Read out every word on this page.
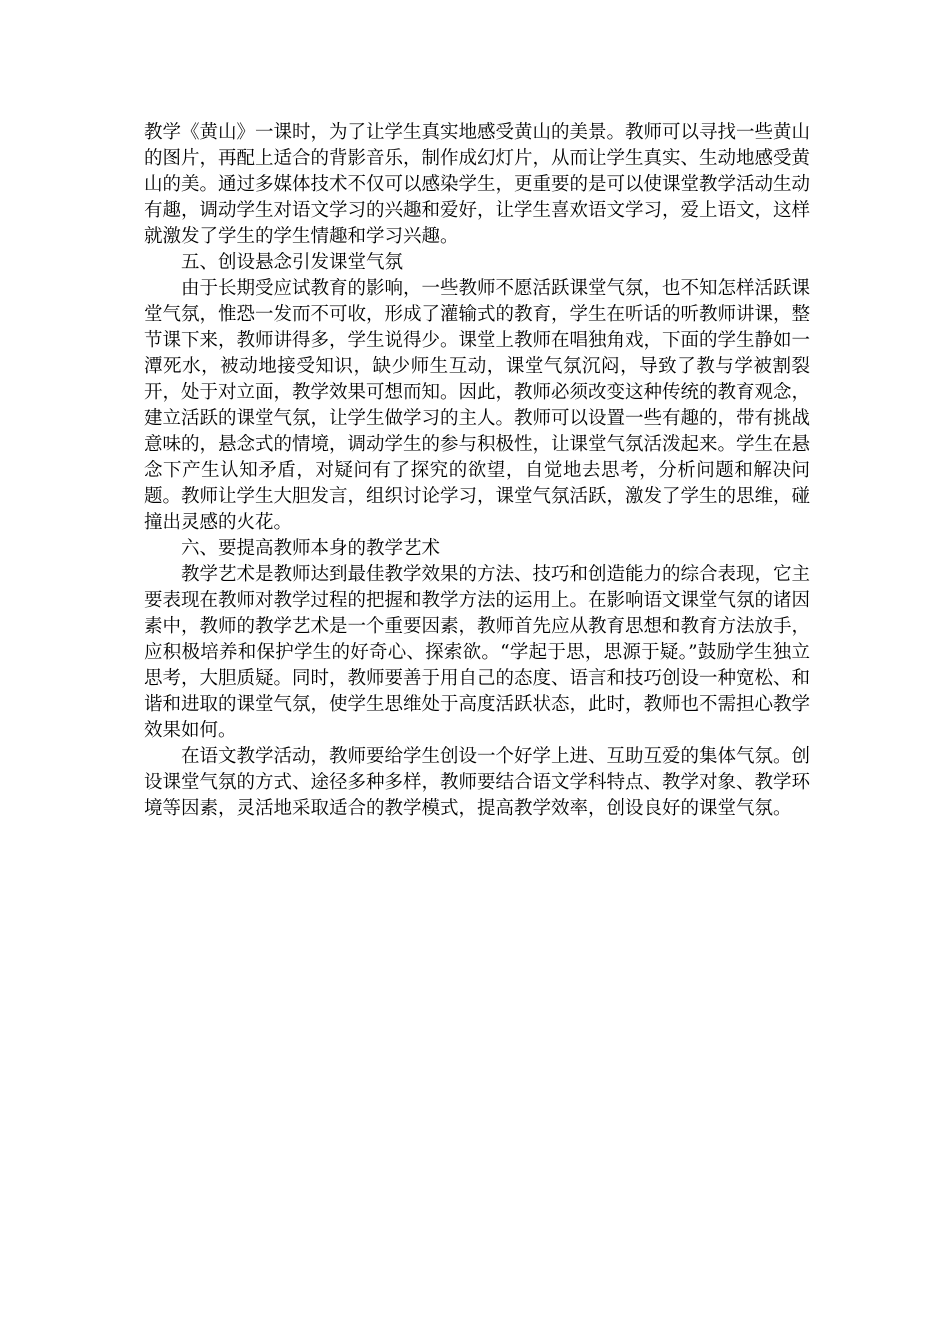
教学《黄山》一课时，为了让学生真实地感受黄山的美景。教师可以寻找一些黄山的图片，再配上适合的背影音乐，制作成幻灯片，从而让学生真实、生动地感受黄山的美。通过多媒体技术不仅可以感染学生，更重要的是可以使课堂教学活动生动有趣，调动学生对语文学习的兴趣和爱好，让学生喜欢语文学习，爱上语文，这样就激发了学生的学生情趣和学习兴趣。

五、创设悬念引发课堂气氛

由于长期受应试教育的影响，一些教师不愿活跃课堂气氛，也不知怎样活跃课堂气氛，惟恐一发而不可收，形成了灌输式的教育，学生在听话的听教师讲课，整节课下来，教师讲得多，学生说得少。课堂上教师在唱独角戏，下面的学生静如一潭死水，被动地接受知识，缺少师生互动，课堂气氛沉闷，导致了教与学被割裂开，处于对立面，教学效果可想而知。因此，教师必须改变这种传统的教育观念，建立活跃的课堂气氛，让学生做学习的主人。教师可以设置一些有趣的，带有挑战意味的，悬念式的情境，调动学生的参与积极性，让课堂气氛活泼起来。学生在悬念下产生认知矛盾，对疑问有了探究的欲望，自觉地去思考，分析问题和解决问题。教师让学生大胆发言，组织讨论学习，课堂气氛活跃，激发了学生的思维，碰撞出灵感的火花。

六、要提高教师本身的教学艺术

教学艺术是教师达到最佳教学效果的方法、技巧和创造能力的综合表现，它主要表现在教师对教学过程的把握和教学方法的运用上。在影响语文课堂气氛的诸因素中，教师的教学艺术是一个重要因素，教师首先应从教育思想和教育方法放手，应积极培养和保护学生的好奇心、探索欲。“学起于思，思源于疑。”鼓励学生独立思考，大胆质疑。同时，教师要善于用自己的态度、语言和技巧创设一种宽松、和谐和进取的课堂气氛，使学生思维处于高度活跃状态，此时，教师也不需担心教学效果如何。

在语文教学活动，教师要给学生创设一个好学上进、互助互爱的集体气氛。创设课堂气氛的方式、途径多种多样，教师要结合语文学科特点、教学对象、教学环境等因素，灵活地采取适合的教学模式，提高教学效率，创设良好的课堂气氛。
